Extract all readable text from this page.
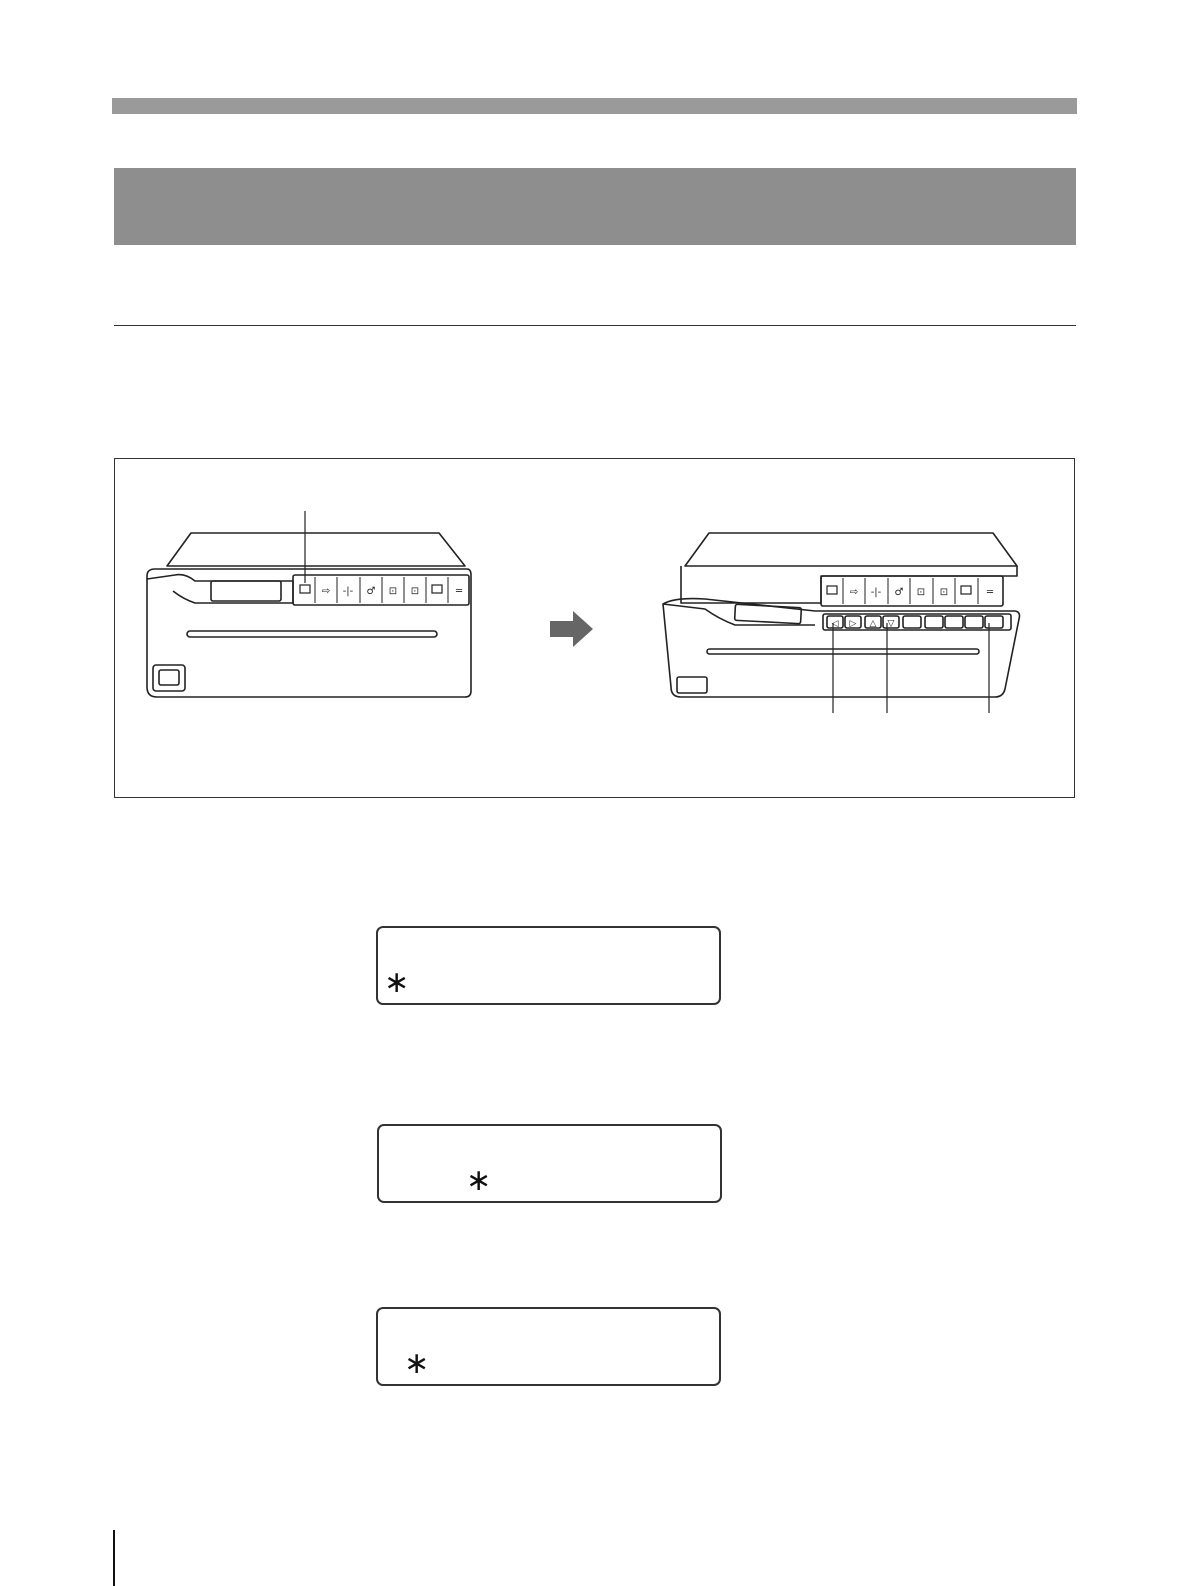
⇨ -|- ♂ ⊡ ⊡	═	⇨ -|- ♂ ⊡ ⊡	═
◁ ▷ △ ▽
∗
∗
∗
